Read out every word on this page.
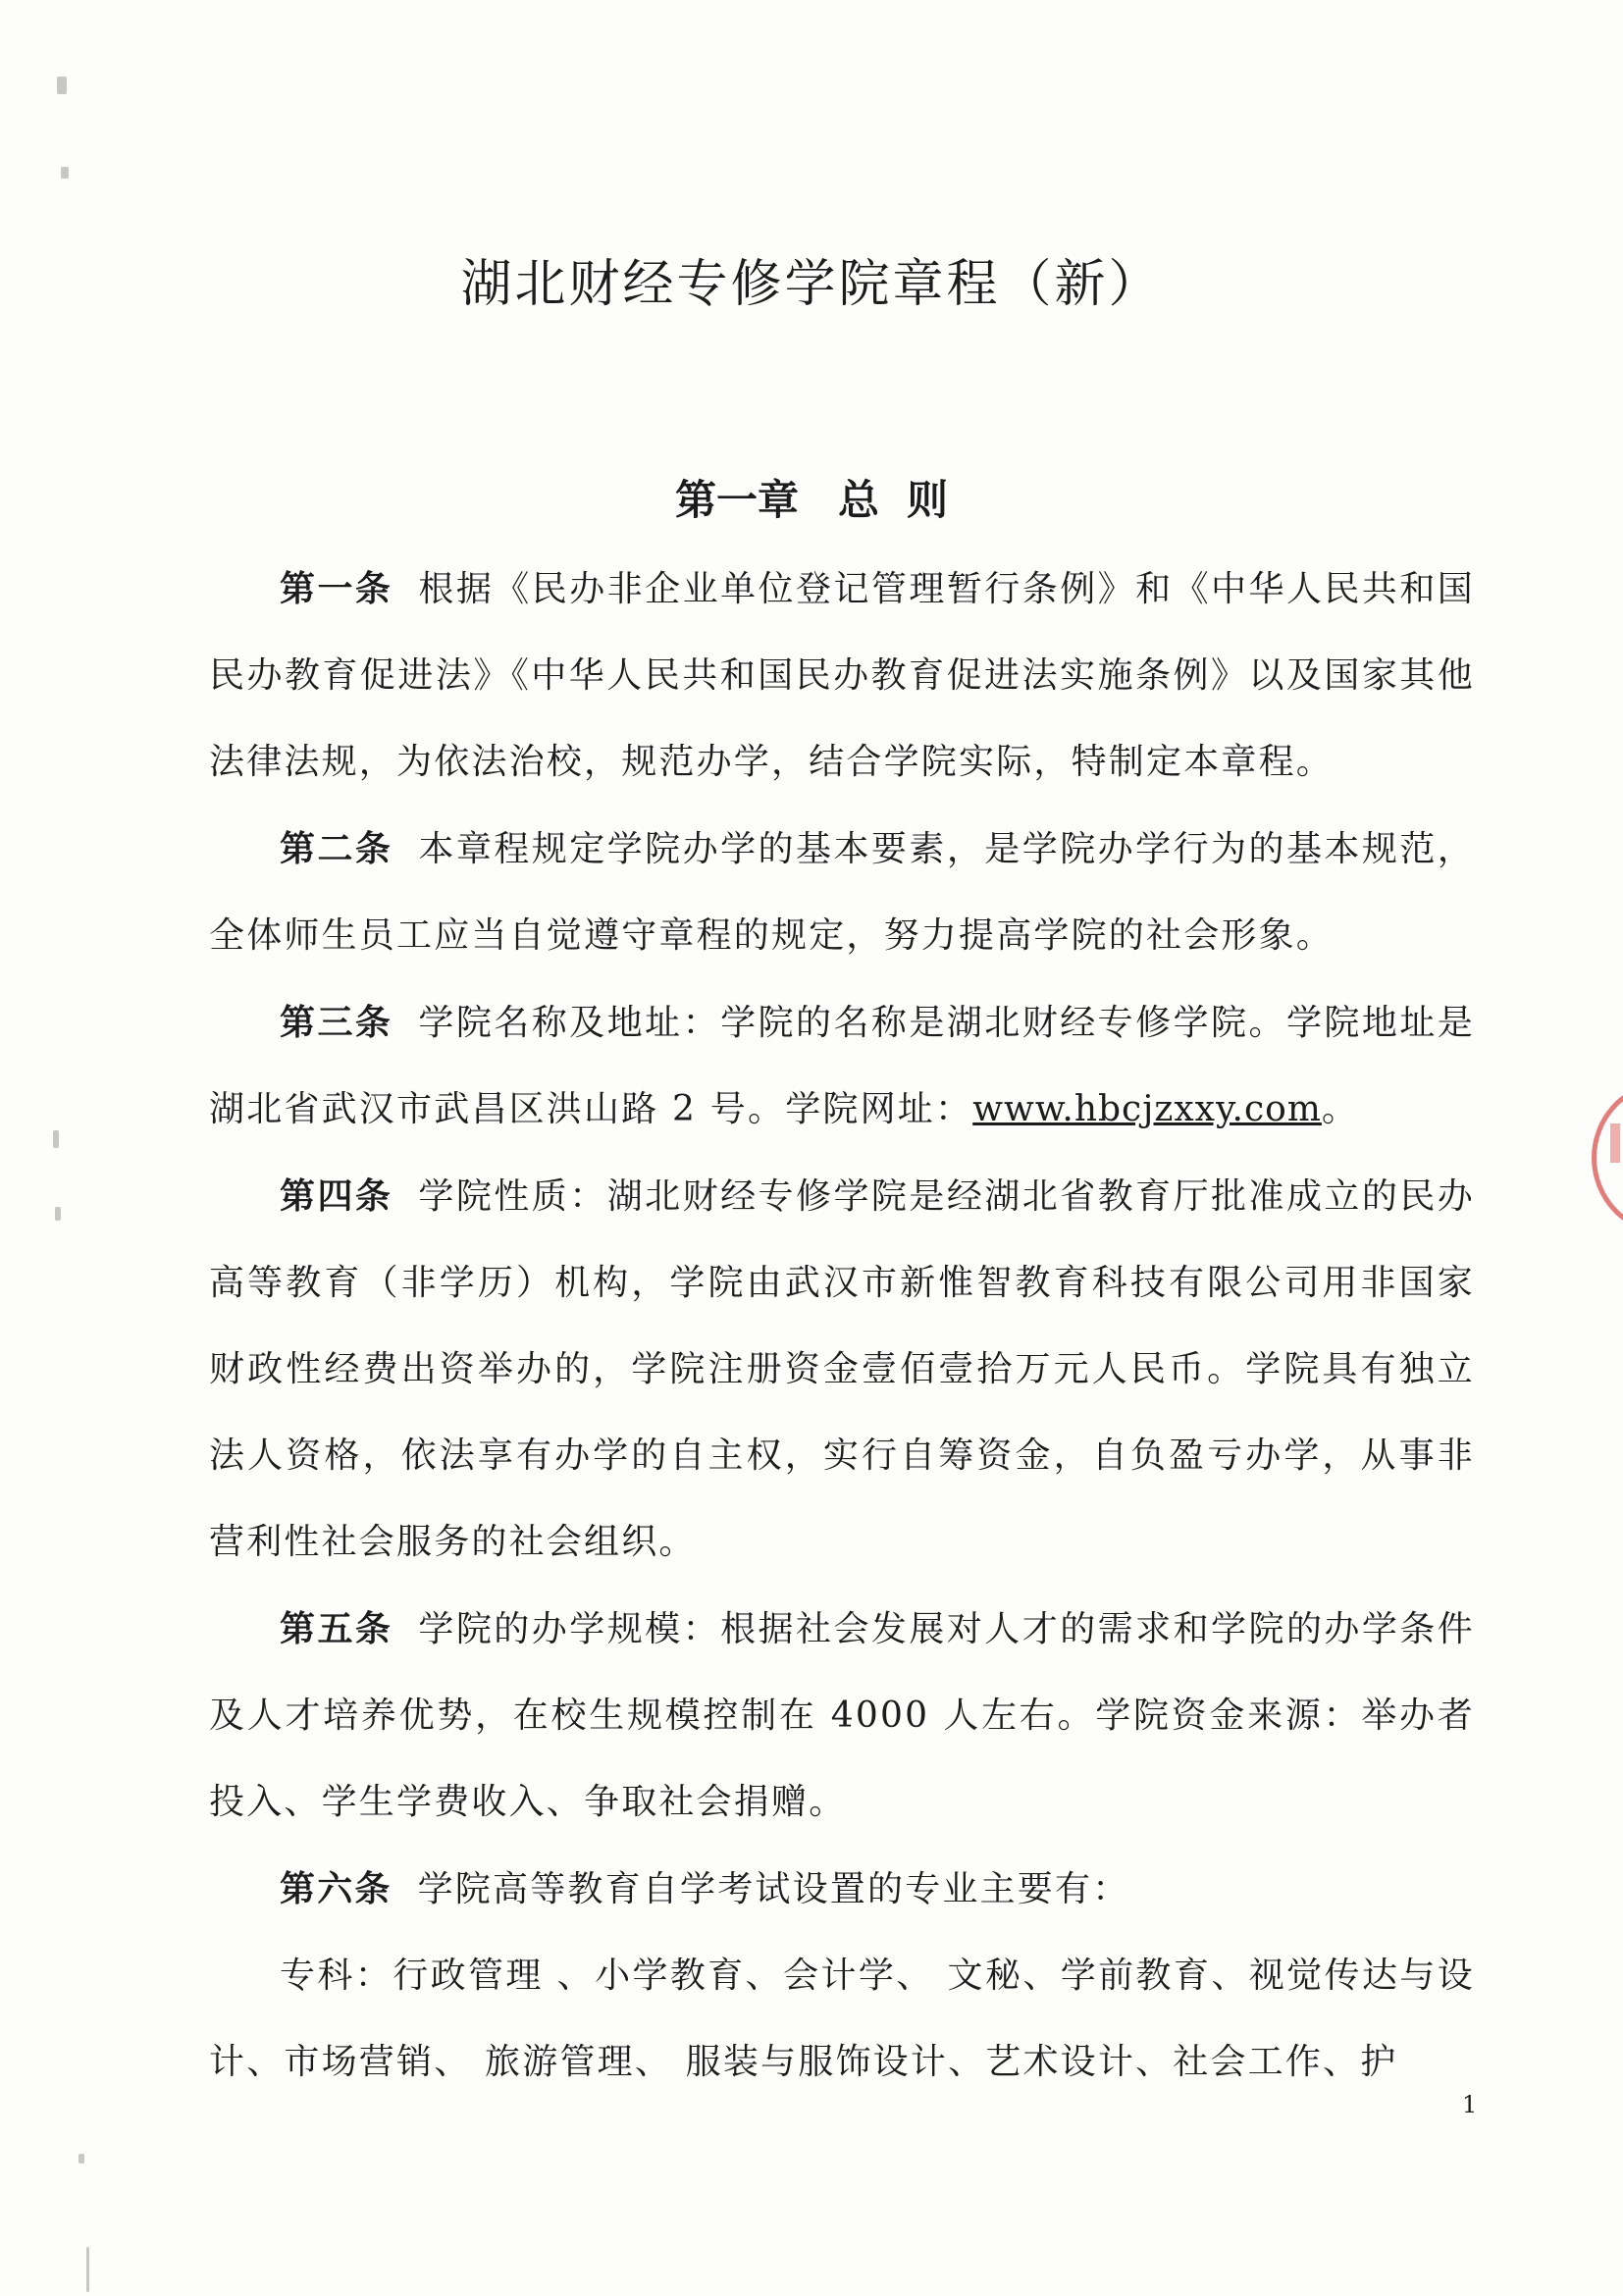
湖北财经专修学院章程（新）
第一章 总 则

第一条 根据《民办非企业单位登记管理暂行条例》和《中华人民共和国民办教育促进法》《中华人民共和国民办教育促进法实施条例》以及国家其他法律法规，为依法治校，规范办学，结合学院实际，特制定本章程。

第二条 本章程规定学院办学的基本要素，是学院办学行为的基本规范，全体师生员工应当自觉遵守章程的规定，努力提高学院的社会形象。

第三条 学院名称及地址：学院的名称是湖北财经专修学院。学院地址是湖北省武汉市武昌区洪山路 2 号。学院网址：www.hbcjzxxy.com。

第四条 学院性质：湖北财经专修学院是经湖北省教育厅批准成立的民办高等教育（非学历）机构，学院由武汉市新惟智教育科技有限公司用非国家财政性经费出资举办的，学院注册资金壹佰壹拾万元人民币。学院具有独立法人资格，依法享有办学的自主权，实行自筹资金，自负盈亏办学，从事非营利性社会服务的社会组织。

第五条 学院的办学规模：根据社会发展对人才的需求和学院的办学条件及人才培养优势，在校生规模控制在 4000 人左右。学院资金来源：举办者投入、学生学费收入、争取社会捐赠。

第六条 学院高等教育自学考试设置的专业主要有：

专科：行政管理 、小学教育、会计学、 文秘、学前教育、视觉传达与设计、市场营销、 旅游管理、 服装与服饰设计、艺术设计、社会工作、护

1
